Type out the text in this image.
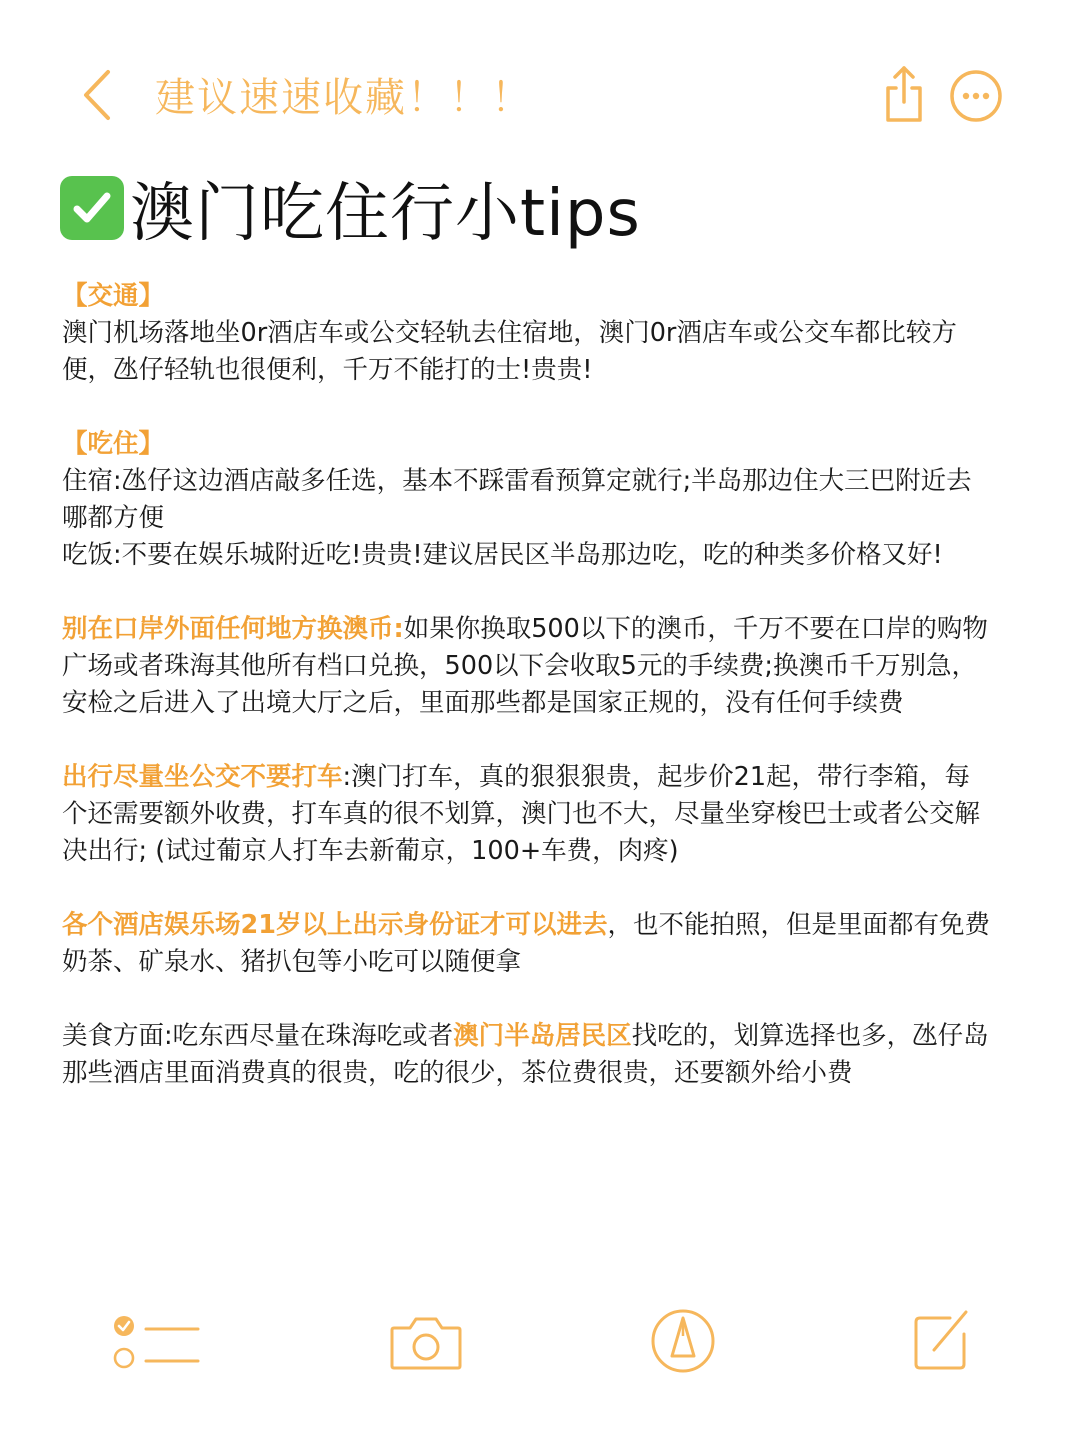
建议速速收藏！！！
澳门吃住行小tips

【交通】
澳门机场落地坐0r酒店车或公交轻轨去住宿地，澳门0r酒店车或公交车都比较方便，氹仔轻轨也很便利，千万不能打的士!贵贵!

【吃住】
住宿:氹仔这边酒店敲多任选，基本不踩雷看预算定就行;半岛那边住大三巴附近去哪都方便
吃饭:不要在娱乐城附近吃!贵贵!建议居民区半岛那边吃，吃的种类多价格又好!

别在口岸外面任何地方换澳币:如果你换取500以下的澳币，千万不要在口岸的购物广场或者珠海其他所有档口兑换，500以下会收取5元的手续费;换澳币千万别急，安检之后进入了出境大厅之后，里面那些都是国家正规的，没有任何手续费

出行尽量坐公交不要打车:澳门打车，真的狠狠狠贵，起步价21起，带行李箱，每个还需要额外收费，打车真的很不划算，澳门也不大，尽量坐穿梭巴士或者公交解决出行; (试过葡京人打车去新葡京，100+车费，肉疼)

各个酒店娱乐场21岁以上出示身份证才可以进去，也不能拍照，但是里面都有免费奶茶、矿泉水、猪扒包等小吃可以随便拿

美食方面:吃东西尽量在珠海吃或者澳门半岛居民区找吃的，划算选择也多，氹仔岛那些酒店里面消费真的很贵，吃的很少，茶位费很贵，还要额外给小费
